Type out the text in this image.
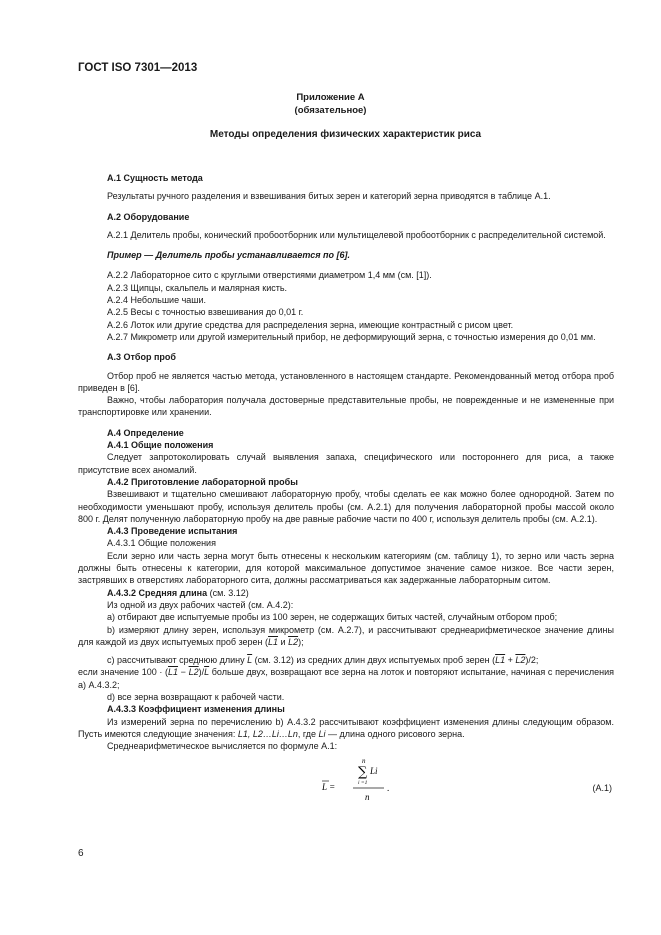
ГОСТ ISO 7301—2013
Приложение А
(обязательное)
Методы определения физических характеристик риса

А.1 Сущность метода

Результаты ручного разделения и взвешивания битых зерен и категорий зерна приводятся в таблице А.1.

А.2 Оборудование

А.2.1 Делитель пробы, конический пробоотборник или мультищелевой пробоотборник с распределительной системой.

Пример — Делитель пробы устанавливается по [6].

А.2.2 Лабораторное сито с круглыми отверстиями диаметром 1,4 мм (см. [1]).

А.2.3 Щипцы, скальпель и малярная кисть.

А.2.4 Небольшие чаши.

А.2.5 Весы с точностью взвешивания до 0,01 г.

А.2.6 Лоток или другие средства для распределения зерна, имеющие контрастный с рисом цвет.

А.2.7 Микрометр или другой измерительный прибор, не деформирующий зерна, с точностью измерения до 0,01 мм.

А.3 Отбор проб

Отбор проб не является частью метода, установленного в настоящем стандарте. Рекомендованный метод отбора проб приведен в [6].

Важно, чтобы лаборатория получала достоверные представительные пробы, не поврежденные и не измененные при транспортировке или хранении.

А.4 Определение

А.4.1 Общие положения

Следует запротоколировать случай выявления запаха, специфического или постороннего для риса, а также присутствие всех аномалий.

А.4.2 Приготовление лабораторной пробы

Взвешивают и тщательно смешивают лабораторную пробу, чтобы сделать ее как можно более однородной. Затем по необходимости уменьшают пробу, используя делитель пробы (см. А.2.1) для получения лабораторной пробы массой около 800 г. Делят полученную лабораторную пробу на две равные рабочие части по 400 г, используя делитель пробы (см. А.2.1).

А.4.3 Проведение испытания

А.4.3.1 Общие положения

Если зерно или часть зерна могут быть отнесены к нескольким категориям (см. таблицу 1), то зерно или часть зерна должны быть отнесены к категории, для которой максимальное допустимое значение самое низкое. Все части зерен, застрявших в отверстиях лабораторного сита, должны рассматриваться как задержанные лабораторным ситом.

А.4.3.2 Средняя длина (см. 3.12)

Из одной из двух рабочих частей (см. А.4.2):

а) отбирают две испытуемые пробы из 100 зерен, не содержащих битых частей, случайным отбором проб;

b) измеряют длину зерен, используя микрометр (см. А.2.7), и рассчитывают среднеарифметическое значение длины для каждой из двух испытуемых проб зерен (L1 и L2);

c) рассчитывают среднюю длину $\overline{L}$ (см. 3.12) из средних длин двух испытуемых проб зерен (L1 + L2)/2;

если значение $100 \cdot (L1 - L2)/\overline{L}$ больше двух, возвращают все зерна на лоток и повторяют испытание, начиная с перечисления а) А.4.3.2;

d) все зерна возвращают к рабочей части.

А.4.3.3 Коэффициент изменения длины

Из измерений зерна по перечислению b) А.4.3.2 рассчитывают коэффициент изменения длины следующим образом. Пусть имеются следующие значения: L1, L2…Li…Ln, где Li — длина одного рисового зерна.

Среднеарифметическое вычисляется по формуле А.1:

L =
n
∑ Li
i =1
n
.	(А.1)
6
